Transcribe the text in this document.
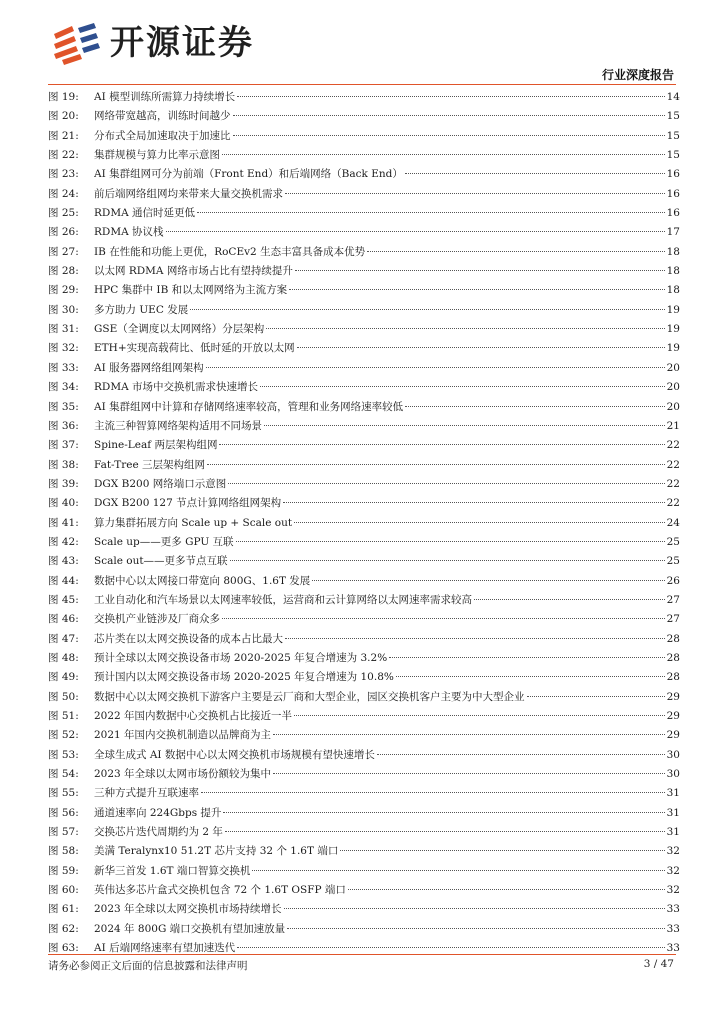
开源证券
行业深度报告
图 19:	AI 模型训练所需算力持续增长	14
图 20:	网络带宽越高，训练时间越少	15
图 21:	分布式全局加速取决于加速比	15
图 22:	集群规模与算力比率示意图	15
图 23:	AI 集群组网可分为前端（Front End）和后端网络（Back End）	16
图 24:	前后端网络组网均来带来大量交换机需求	16
图 25:	RDMA 通信时延更低	16
图 26:	RDMA 协议栈	17
图 27:	IB 在性能和功能上更优，RoCEv2 生态丰富具备成本优势	18
图 28:	以太网 RDMA 网络市场占比有望持续提升	18
图 29:	HPC 集群中 IB 和以太网网络为主流方案	18
图 30:	多方助力 UEC 发展	19
图 31:	GSE（全调度以太网网络）分层架构	19
图 32:	ETH+实现高载荷比、低时延的开放以太网	19
图 33:	AI 服务器网络组网架构	20
图 34:	RDMA 市场中交换机需求快速增长	20
图 35:	AI 集群组网中计算和存储网络速率较高，管理和业务网络速率较低	20
图 36:	主流三种智算网络架构适用不同场景	21
图 37:	Spine-Leaf 两层架构组网	22
图 38:	Fat-Tree 三层架构组网	22
图 39:	DGX B200 网络端口示意图	22
图 40:	DGX B200 127 节点计算网络组网架构	22
图 41:	算力集群拓展方向 Scale up + Scale out	24
图 42:	Scale up——更多 GPU 互联	25
图 43:	Scale out——更多节点互联	25
图 44:	数据中心以太网接口带宽向 800G、1.6T 发展	26
图 45:	工业自动化和汽车场景以太网速率较低，运营商和云计算网络以太网速率需求较高	27
图 46:	交换机产业链涉及厂商众多	27
图 47:	芯片类在以太网交换设备的成本占比最大	28
图 48:	预计全球以太网交换设备市场 2020-2025 年复合增速为 3.2%	28
图 49:	预计国内以太网交换设备市场 2020-2025 年复合增速为 10.8%	28
图 50:	数据中心以太网交换机下游客户主要是云厂商和大型企业，园区交换机客户主要为中大型企业	29
图 51:	2022 年国内数据中心交换机占比接近一半	29
图 52:	2021 年国内交换机制造以品牌商为主	29
图 53:	全球生成式 AI 数据中心以太网交换机市场规模有望快速增长	30
图 54:	2023 年全球以太网市场份额较为集中	30
图 55:	三种方式提升互联速率	31
图 56:	通道速率向 224Gbps 提升	31
图 57:	交换芯片迭代周期约为 2 年	31
图 58:	美满 Teralynx10 51.2T 芯片支持 32 个 1.6T 端口	32
图 59:	新华三首发 1.6T 端口智算交换机	32
图 60:	英伟达多芯片盒式交换机包含 72 个 1.6T OSFP 端口	32
图 61:	2023 年全球以太网交换机市场持续增长	33
图 62:	2024 年 800G 端口交换机有望加速放量	33
图 63:	AI 后端网络速率有望加速迭代	33
请务必参阅正文后面的信息披露和法律声明	3 / 47
